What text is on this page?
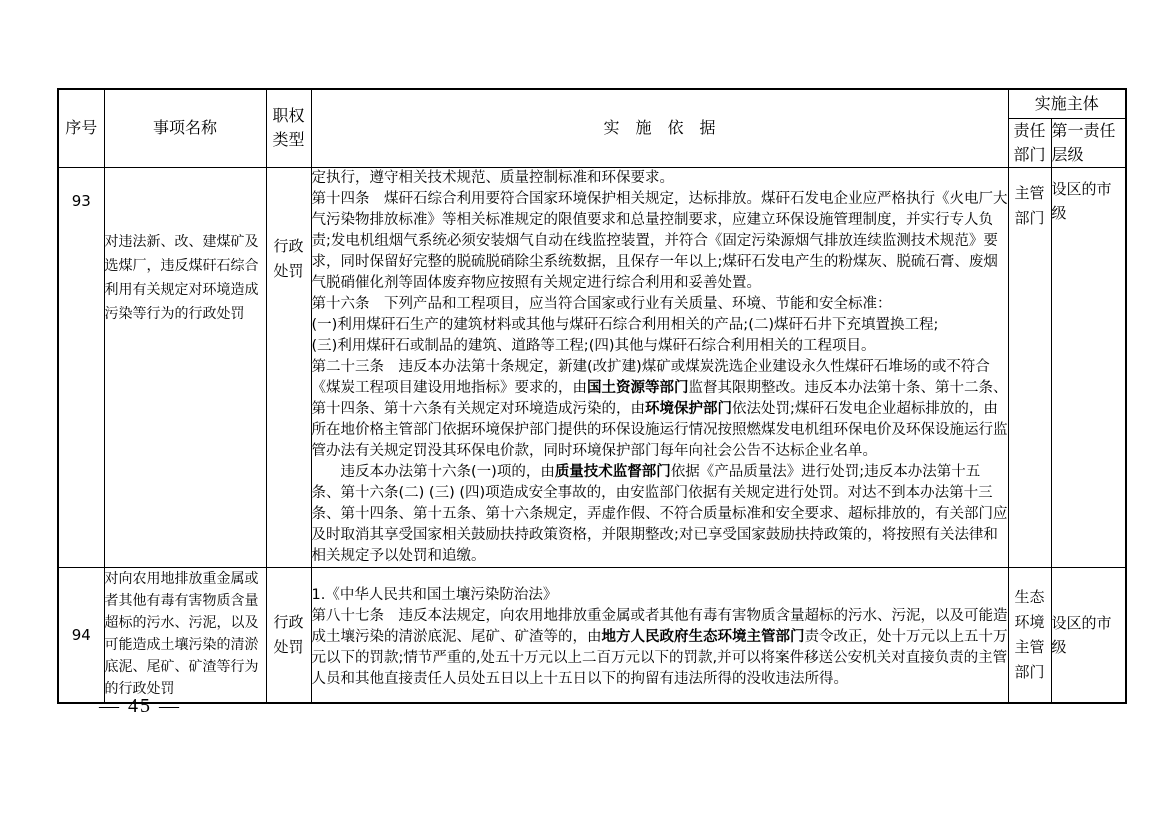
序号	事项名称	职权类型	实　施　依　据	实施主体	
				责任部门	第一责任层级
93	对违法新、改、建煤矿及选煤厂，违反煤矸石综合利用有关规定对环境造成污染等行为的行政处罚	行政处罚	
定执行，遵守相关技术规范、质量控制标准和环保要求。
第十四条　煤矸石综合利用要符合国家环境保护相关规定，达标排放。煤矸石发电企业应严格执行《火电厂大气污染物排放标准》等相关标准规定的限值要求和总量控制要求，应建立环保设施管理制度，并实行专人负责;发电机组烟气系统必须安装烟气自动在线监控装置，并符合《固定污染源烟气排放连续监测技术规范》要求，同时保留好完整的脱硫脱硝除尘系统数据，且保存一年以上;煤矸石发电产生的粉煤灰、脱硫石膏、废烟气脱硝催化剂等固体废弃物应按照有关规定进行综合利用和妥善处置。
第十六条　下列产品和工程项目，应当符合国家或行业有关质量、环境、节能和安全标准：
(一)利用煤矸石生产的建筑材料或其他与煤矸石综合利用相关的产品;(二)煤矸石井下充填置换工程;
(三)利用煤矸石或制品的建筑、道路等工程;(四)其他与煤矸石综合利用相关的工程项目。
第二十三条　违反本办法第十条规定，新建(改扩建)煤矿或煤炭洗选企业建设永久性煤矸石堆场的或不符合《煤炭工程项目建设用地指标》要求的，由国土资源等部门监督其限期整改。违反本办法第十条、第十二条、第十四条、第十六条有关规定对环境造成污染的，由环境保护部门依法处罚;煤矸石发电企业超标排放的，由所在地价格主管部门依据环境保护部门提供的环保设施运行情况按照燃煤发电机组环保电价及环保设施运行监管办法有关规定罚没其环保电价款，同时环境保护部门每年向社会公告不达标企业名单。
　　违反本办法第十六条(一)项的，由质量技术监督部门依据《产品质量法》进行处罚;违反本办法第十五条、第十六条(二) (三) (四)项造成安全事故的，由安监部门依据有关规定进行处罚。对达不到本办法第十三条、第十四条、第十五条、第十六条规定，弄虚作假、不符合质量标准和安全要求、超标排放的，有关部门应及时取消其享受国家相关鼓励扶持政策资格，并限期整改;对已享受国家鼓励扶持政策的，将按照有关法律和相关规定予以处罚和追缴。
	主管部门	设区的市级
94	对向农用地排放重金属或者其他有毒有害物质含量超标的污水、污泥，以及可能造成土壤污染的清淤底泥、尾矿、矿渣等行为的行政处罚	行政处罚	1.《中华人民共和国土壤污染防治法》
第八十七条　违反本法规定，向农用地排放重金属或者其他有毒有害物质含量超标的污水、污泥，以及可能造成土壤污染的清淤底泥、尾矿、矿渣等的，由地方人民政府生态环境主管部门责令改正，处十万元以上五十万元以下的罚款;情节严重的,处五十万元以上二百万元以下的罚款,并可以将案件移送公安机关对直接负责的主管人员和其他直接责任人员处五日以上十五日以下的拘留有违法所得的没收违法所得。	生态环境主管部门	设区的市级
— 45 —
